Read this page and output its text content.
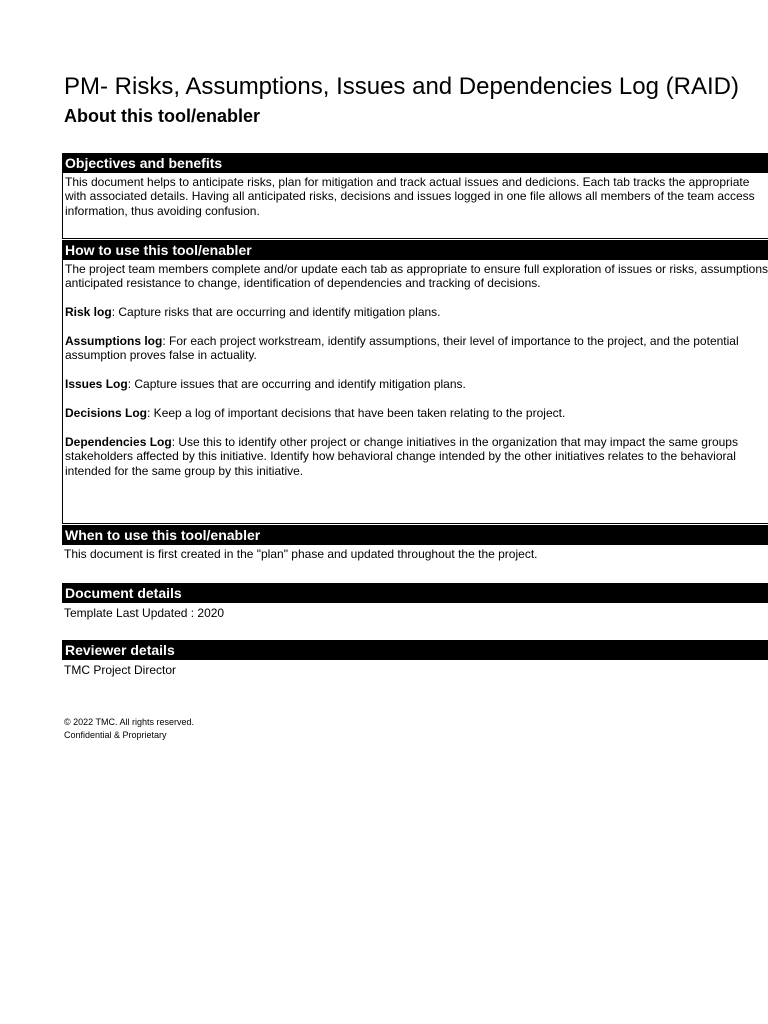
PM- Risks, Assumptions, Issues and Dependencies Log (RAID)
About this tool/enabler
Objectives and benefits
This document helps to anticipate risks, plan for mitigation and track actual issues and dedicions. Each tab tracks the appropriate
with associated details. Having all anticipated risks, decisions and issues logged in one file allows all members of the team access
information, thus avoiding confusion.
How to use this tool/enabler
The project team members complete and/or update each tab as appropriate to ensure full exploration of issues or risks, assumptions
anticipated resistance to change, identification of dependencies and tracking of decisions.
Risk log: Capture risks that are occurring and identify mitigation plans.
Assumptions log: For each project workstream, identify assumptions, their level of importance to the project, and the potential
assumption proves false in actuality.
Issues Log: Capture issues that are occurring and identify mitigation plans.
Decisions Log: Keep a log of important decisions that have been taken relating to the project.
Dependencies Log: Use this to identify other project or change initiatives in the organization that may impact the same groups
stakeholders affected by this initiative. Identify how behavioral change intended by the other initiatives relates to the behavioral
intended for the same group by this initiative.
When to use this tool/enabler
This document is first created in the "plan" phase and updated throughout the the project.
Document details
Template Last Updated : 2020
Reviewer details
TMC Project Director
© 2022 TMC. All rights reserved.
Confidential & Proprietary
